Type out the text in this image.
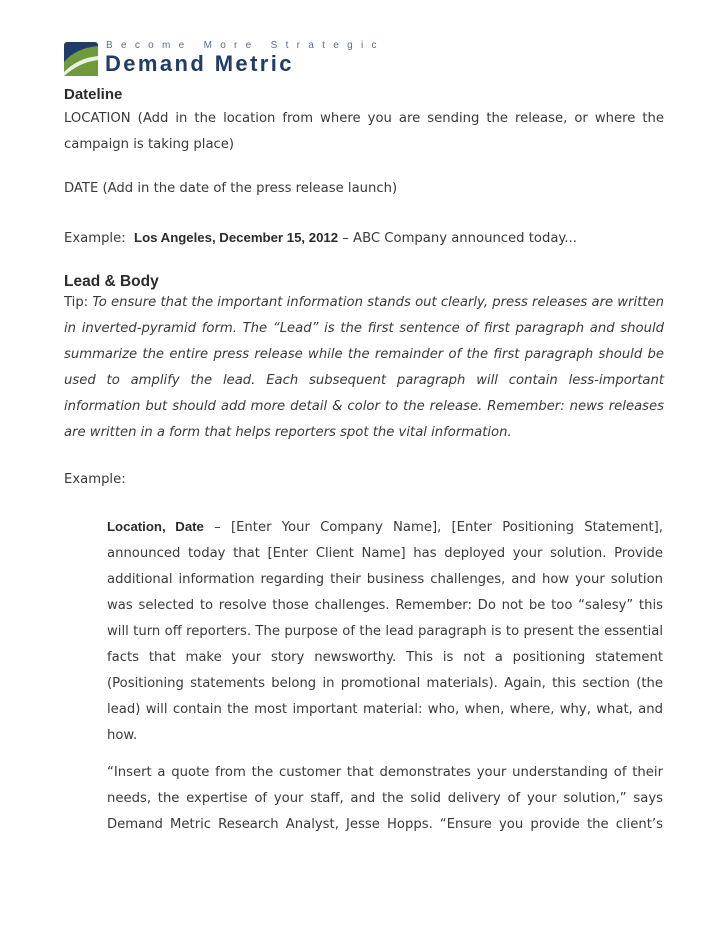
Become More Strategic
Demand Metric
Dateline
LOCATION (Add in the location from where you are sending the release, or where the campaign is taking place)
DATE (Add in the date of the press release launch)
Example: Los Angeles, December 15, 2012 – ABC Company announced today...
Lead & Body
Tip: To ensure that the important information stands out clearly, press releases are written in inverted-pyramid form. The “Lead” is the first sentence of first paragraph and should summarize the entire press release while the remainder of the first paragraph should be used to amplify the lead. Each subsequent paragraph will contain less-important information but should add more detail & color to the release. Remember: news releases are written in a form that helps reporters spot the vital information.
Example:
Location, Date – [Enter Your Company Name], [Enter Positioning Statement], announced today that [Enter Client Name] has deployed your solution. Provide additional information regarding their business challenges, and how your solution was selected to resolve those challenges. Remember: Do not be too “salesy” this will turn off reporters. The purpose of the lead paragraph is to present the essential facts that make your story newsworthy. This is not a positioning statement (Positioning statements belong in promotional materials). Again, this section (the lead) will contain the most important material: who, when, where, why, what, and how.
“Insert a quote from the customer that demonstrates your understanding of their needs, the expertise of your staff, and the solid delivery of your solution,” says Demand Metric Research Analyst, Jesse Hopps. “Ensure you provide the client’s
